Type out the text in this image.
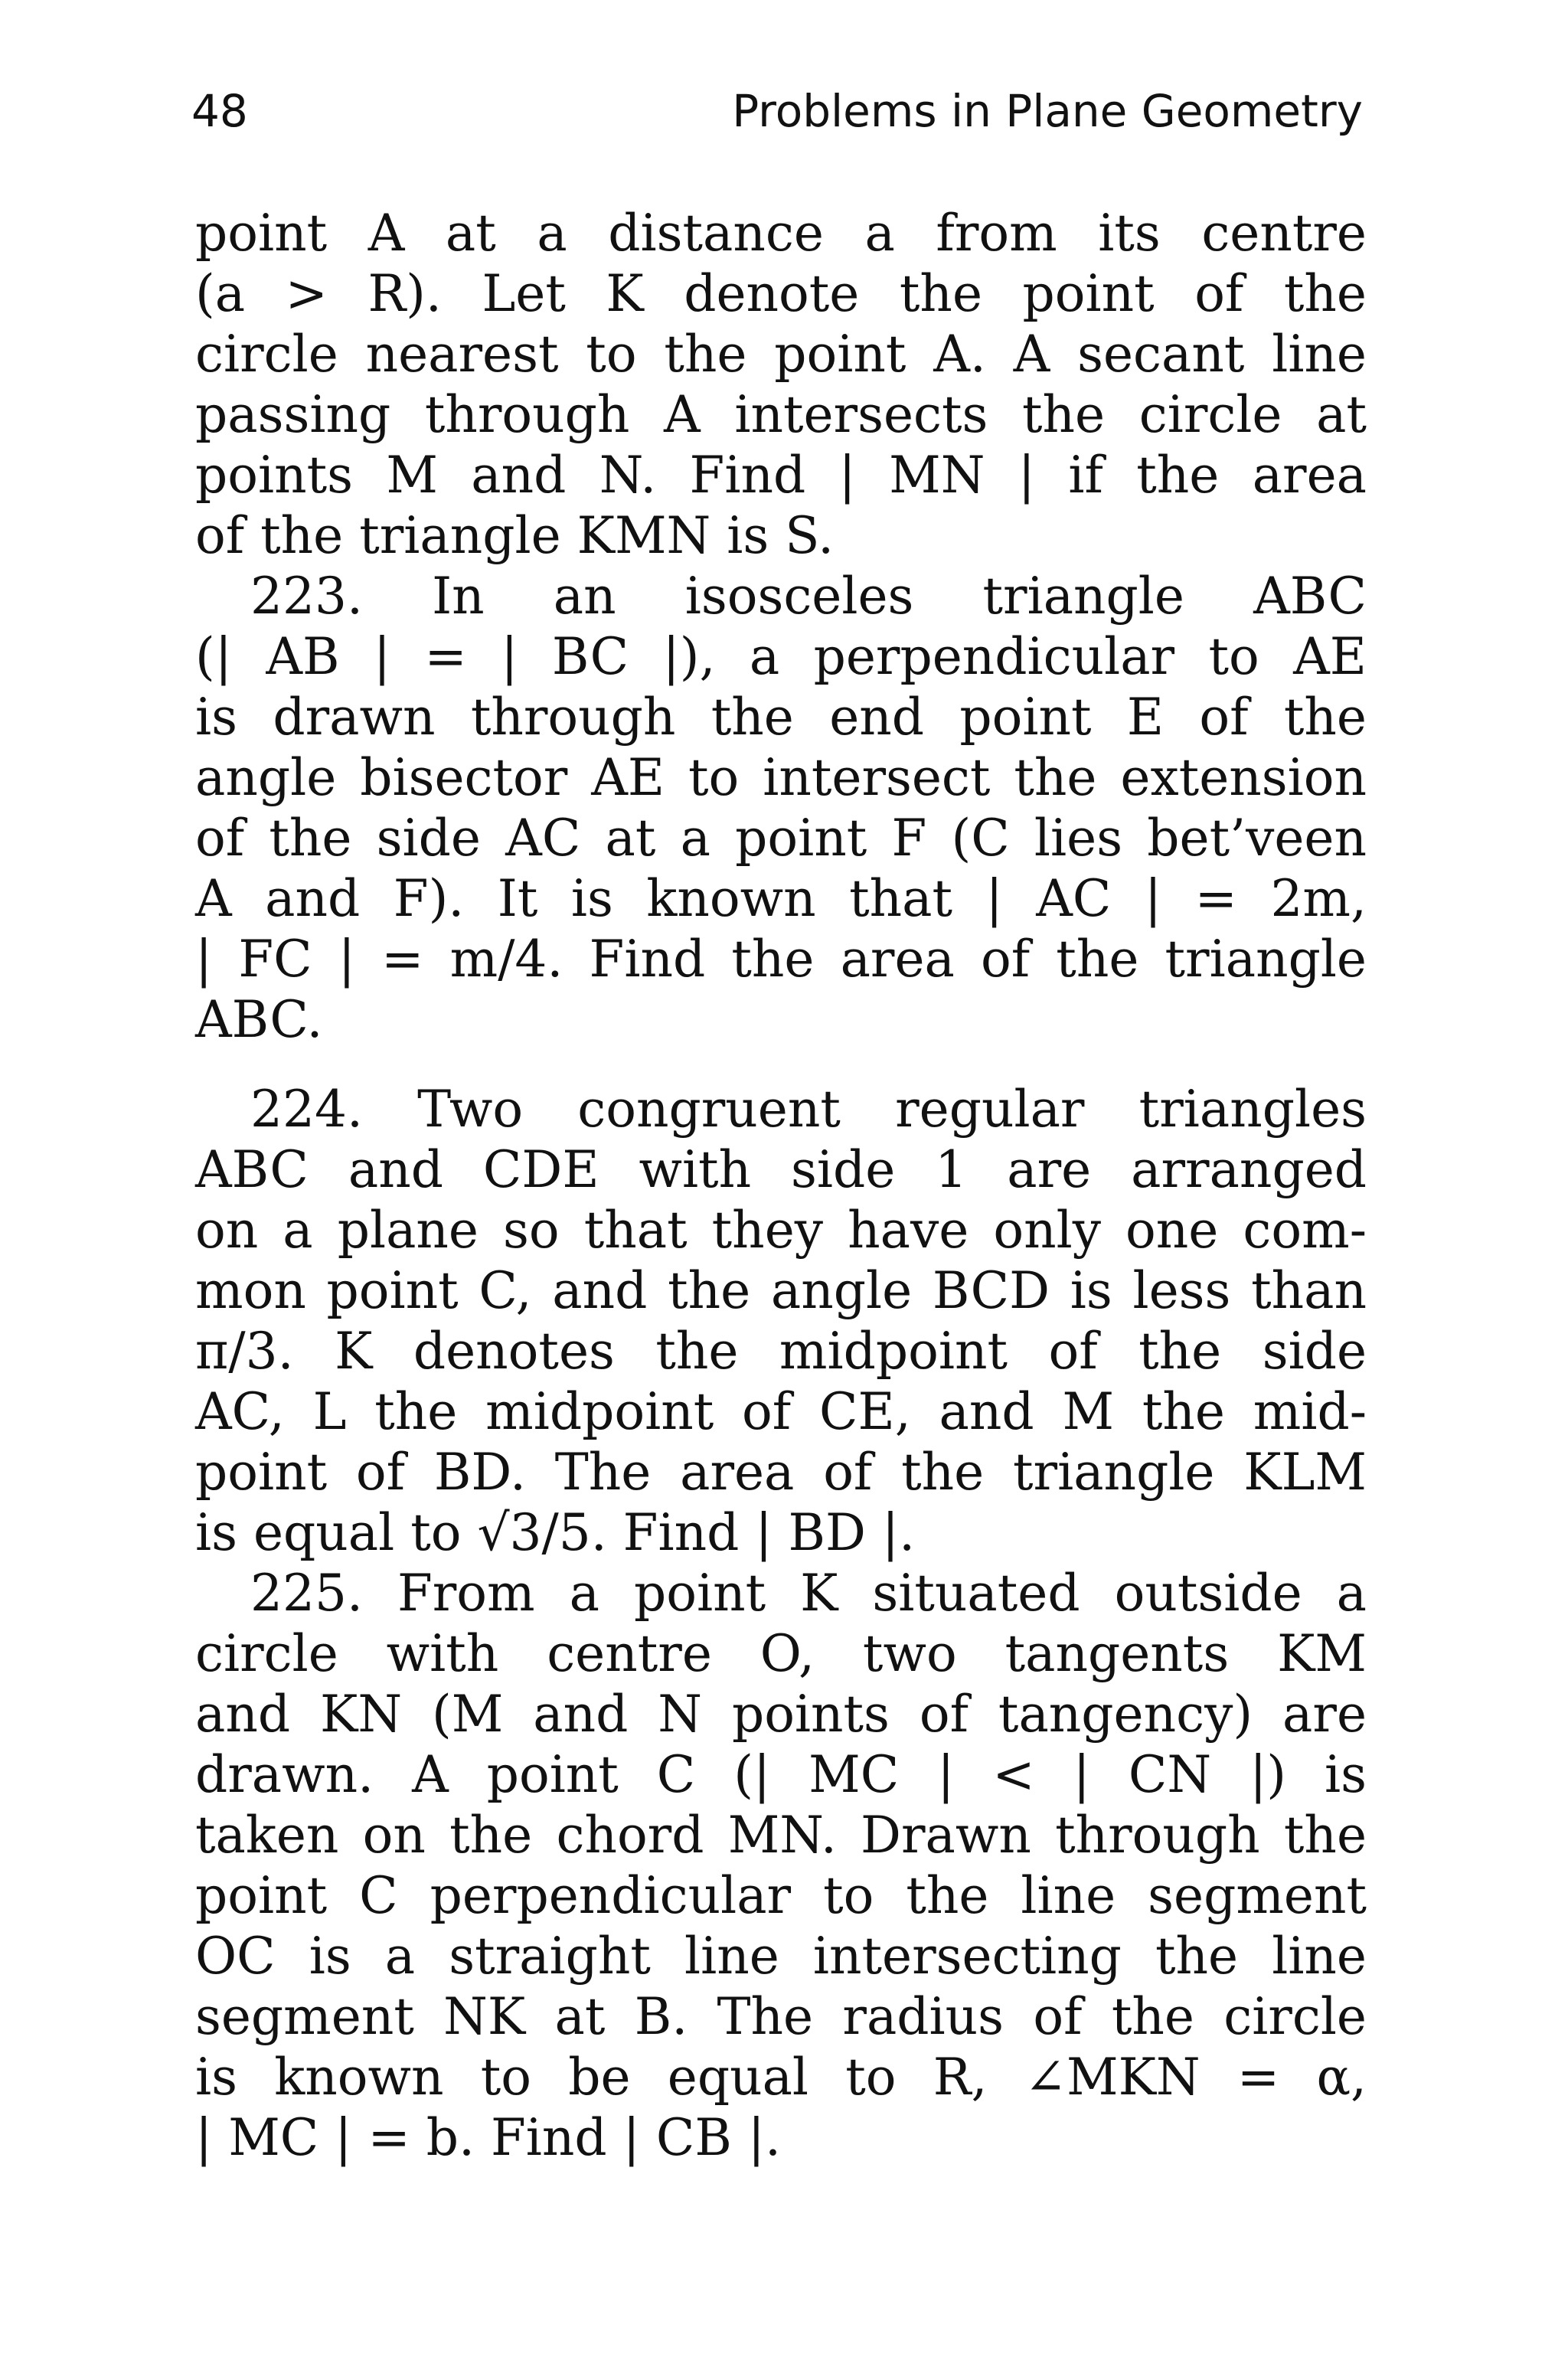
48	Problems in Plane Geometry
point A at a distance a from its centre
(a > R). Let K denote the point of the
circle nearest to the point A. A secant line
passing through A intersects the circle at
points M and N. Find | MN | if the area
of the triangle KMN is S.
223. In an isosceles triangle ABC
(| AB | = | BC |), a perpendicular to AE
is drawn through the end point E of the
angle bisector AE to intersect the extension
of the side AC at a point F (C lies bet’veen
A and F). It is known that | AC | = 2m,
| FC | = m/4. Find the area of the triangle
ABC.
224. Two congruent regular triangles
ABC and CDE with side 1 are arranged
on a plane so that they have only one com-
mon point C, and the angle BCD is less than
π/3. K denotes the midpoint of the side
AC, L the midpoint of CE, and M the mid-
point of BD. The area of the triangle KLM
is equal to √3/5. Find | BD |.
225. From a point K situated outside a
circle with centre O, two tangents KM
and KN (M and N points of tangency) are
drawn. A point C (| MC | < | CN |) is
taken on the chord MN. Drawn through the
point C perpendicular to the line segment
OC is a straight line intersecting the line
segment NK at B. The radius of the circle
is known to be equal to R, ∠MKN = α,
| MC | = b. Find | CB |.
